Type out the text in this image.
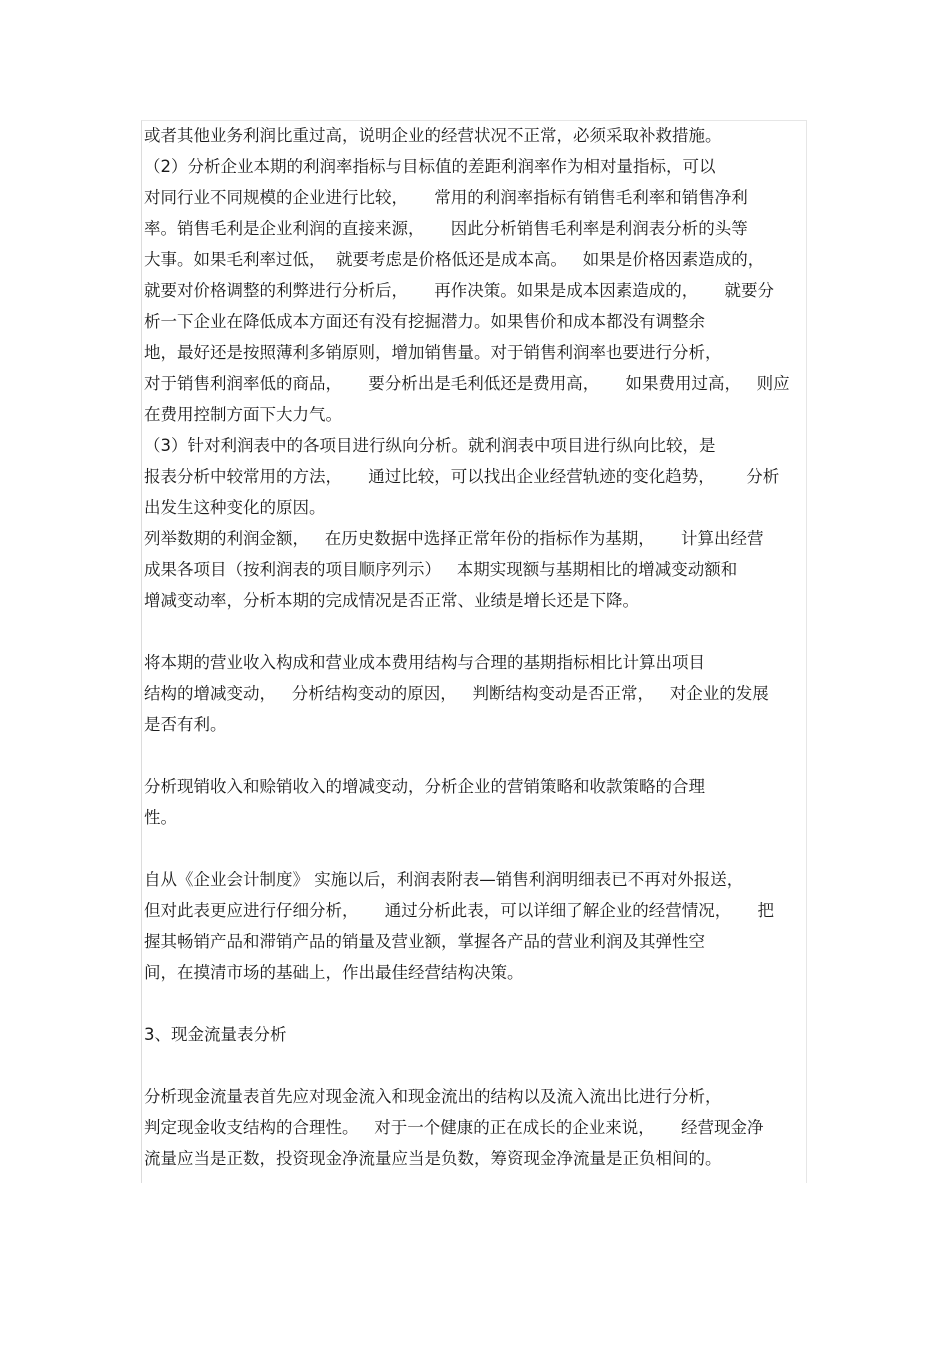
或者其他业务利润比重过高，说明企业的经营状况不正常，必须采取补救措施。
（2）分析企业本期的利润率指标与目标值的差距利润率作为相对量指标，可以
对同行业不同规模的企业进行比较，     常用的利润率指标有销售毛利率和销售净利
率。销售毛利是企业利润的直接来源，     因此分析销售毛利率是利润表分析的头等
大事。如果毛利率过低，  就要考虑是价格低还是成本高。   如果是价格因素造成的，
就要对价格调整的利弊进行分析后，     再作决策。如果是成本因素造成的，     就要分
析一下企业在降低成本方面还有没有挖掘潜力。如果售价和成本都没有调整余
地，最好还是按照薄利多销原则，增加销售量。对于销售利润率也要进行分析，
对于销售利润率低的商品，     要分析出是毛利低还是费用高，     如果费用过高，   则应
在费用控制方面下大力气。
（3）针对利润表中的各项目进行纵向分析。就利润表中项目进行纵向比较，是
报表分析中较常用的方法，     通过比较，可以找出企业经营轨迹的变化趋势，      分析
出发生这种变化的原因。
列举数期的利润金额，   在历史数据中选择正常年份的指标作为基期，     计算出经营
成果各项目（按利润表的项目顺序列示）   本期实现额与基期相比的增减变动额和
增减变动率，分析本期的完成情况是否正常、业绩是增长还是下降。
将本期的营业收入构成和营业成本费用结构与合理的基期指标相比计算出项目
结构的增减变动，   分析结构变动的原因，   判断结构变动是否正常，   对企业的发展
是否有利。
分析现销收入和赊销收入的增减变动，分析企业的营销策略和收款策略的合理
性。
自从《企业会计制度》 实施以后，利润表附表—销售利润明细表已不再对外报送，
但对此表更应进行仔细分析，     通过分析此表，可以详细了解企业的经营情况，     把
握其畅销产品和滞销产品的销量及营业额，掌握各产品的营业利润及其弹性空
间，在摸清市场的基础上，作出最佳经营结构决策。
3、现金流量表分析
分析现金流量表首先应对现金流入和现金流出的结构以及流入流出比进行分析，
判定现金收支结构的合理性。   对于一个健康的正在成长的企业来说，     经营现金净
流量应当是正数，投资现金净流量应当是负数，筹资现金净流量是正负相间的。
